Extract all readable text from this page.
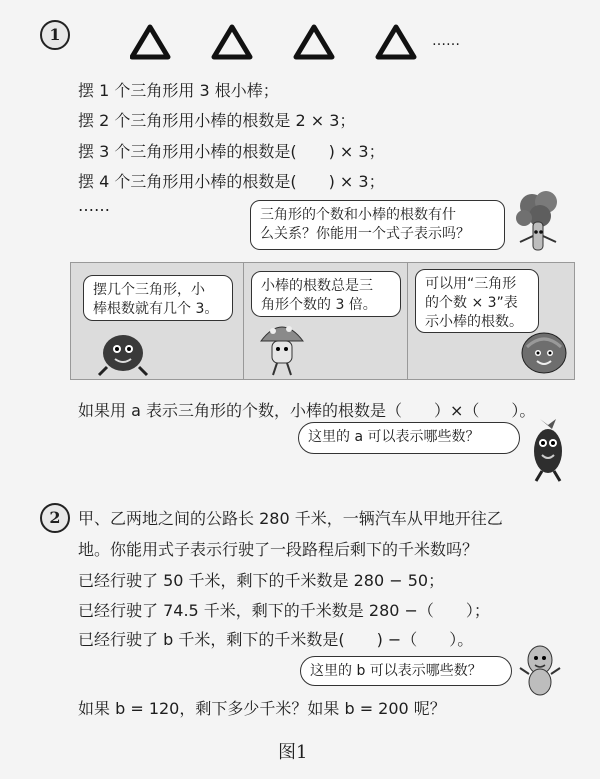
1	……
摆 1 个三角形用 3 根小棒；
摆 2 个三角形用小棒的根数是 2 × 3；
摆 3 个三角形用小棒的根数是(　　) × 3；
摆 4 个三角形用小棒的根数是(　　) × 3；
……	三角形的个数和小棒的根数有什
么关系？你能用一个式子表示吗？
摆几个三角形，小
棒根数就有几个 3。
小棒的根数总是三
角形个数的 3 倍。
可以用“三角形
的个数 × 3”表
示小棒的根数。
如果用 a 表示三角形的个数，小棒的根数是（　　）×（　　）。
这里的 a 可以表示哪些数？
2	甲、乙两地之间的公路长 280 千米，一辆汽车从甲地开往乙
地。你能用式子表示行驶了一段路程后剩下的千米数吗？
已经行驶了 50 千米，剩下的千米数是 280 − 50；
已经行驶了 74.5 千米，剩下的千米数是 280 −（　　）；
已经行驶了 b 千米，剩下的千米数是(　　) −（　　）。
这里的 b 可以表示哪些数？
如果 b = 120，剩下多少千米？如果 b = 200 呢？
图1
